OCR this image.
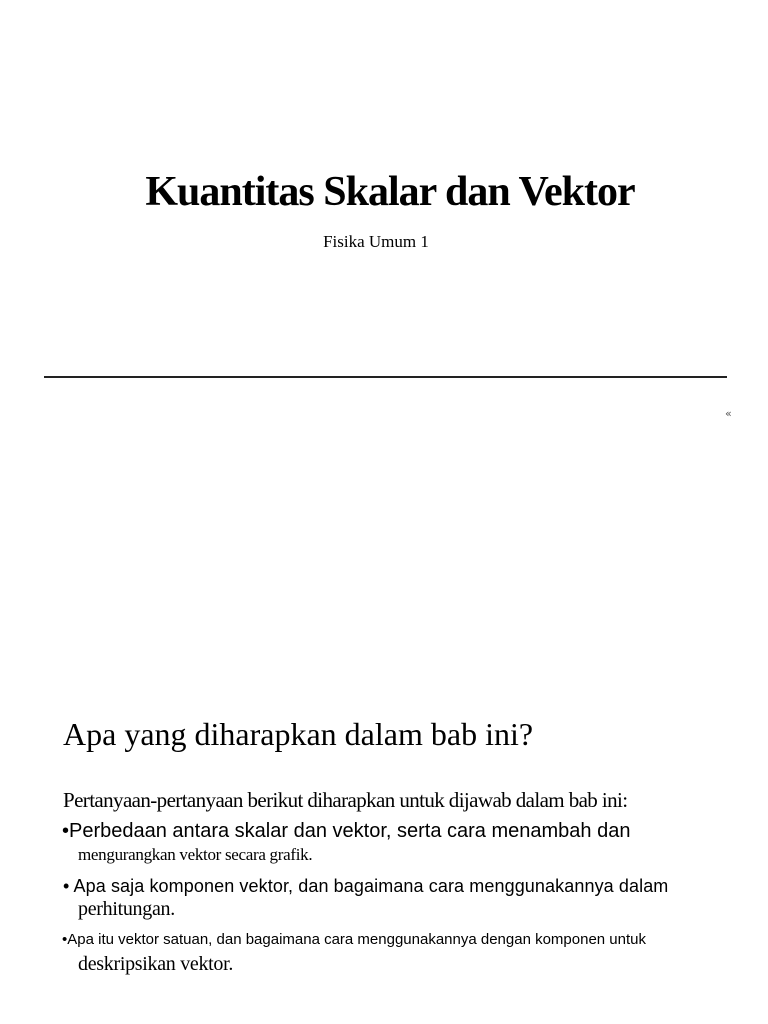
Kuantitas Skalar dan Vektor

Fisika Umum 1

«
Apa yang diharapkan dalam bab ini?

Pertanyaan-pertanyaan berikut diharapkan untuk dijawab dalam bab ini:

•Perbedaan antara skalar dan vektor, serta cara menambah dan
mengurangkan vektor secara grafik.
• Apa saja komponen vektor, dan bagaimana cara menggunakannya dalam
perhitungan.
•Apa itu vektor satuan, dan bagaimana cara menggunakannya dengan komponen untuk
deskripsikan vektor.
